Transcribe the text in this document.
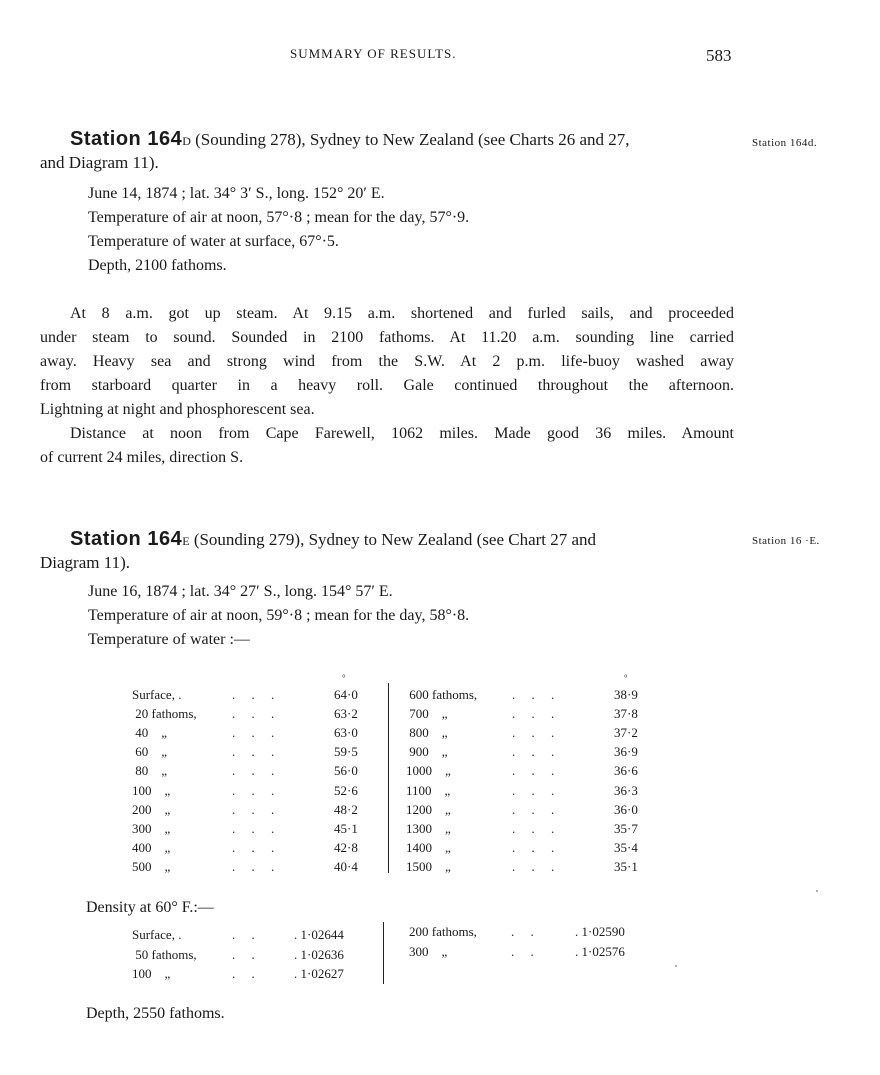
SUMMARY OF RESULTS.	583
Station 164D (Sounding 278), Sydney to New Zealand (see Charts 26 and 27,
and Diagram 11).
Station 164d.
June 14, 1874 ; lat. 34° 3′ S., long. 152° 20′ E.
Temperature of air at noon, 57°·8 ; mean for the day, 57°·9.
Temperature of water at surface, 67°·5.
Depth, 2100 fathoms.
At 8 a.m. got up steam. At 9.15 a.m. shortened and furled sails, and proceeded
under steam to sound. Sounded in 2100 fathoms. At 11.20 a.m. sounding line carried
away. Heavy sea and strong wind from the S.W. At 2 p.m. life-buoy washed away
from starboard quarter in a heavy roll. Gale continued throughout the afternoon.
Lightning at night and phosphorescent sea.
Distance at noon from Cape Farewell, 1062 miles. Made good 36 miles. Amount
of current 24 miles, direction S.
Station 164E (Sounding 279), Sydney to New Zealand (see Chart 27 and
Diagram 11).
Station 16 ·E.
June 16, 1874 ; lat. 34° 27′ S., long. 154° 57′ E.
Temperature of air at noon, 59°·8 ; mean for the day, 58°·8.
Temperature of water :—
°	°
Surface, .	.     .     .	64·0
20 fathoms,	.     .     .	63·2
40    „	.     .     .	63·0
60    „	.     .     .	59·5
80    „	.     .     .	56·0
100    „	.     .     .	52·6
200    „	.     .     .	48·2
300    „	.     .     .	45·1
400    „	.     .     .	42·8
500    „	.     .     .	40·4
600 fathoms,	.     .     .	38·9
700    „	.     .     .	37·8
800    „	.     .     .	37·2
900    „	.     .     .	36·9
1000    „	.     .     .	36·6
1100    „	.     .     .	36·3
1200    „	.     .     .	36·0
1300    „	.     .     .	35·7
1400    „	.     .     .	35·4
1500    „	.     .     .	35·1
Density at 60° F.:—
Surface, .	.     .	. 1·02644
50 fathoms,	.     .	. 1·02636
100    „	.     .	. 1·02627
200 fathoms,	.     .	. 1·02590
300    „	.     .	. 1·02576
Depth, 2550 fathoms.
